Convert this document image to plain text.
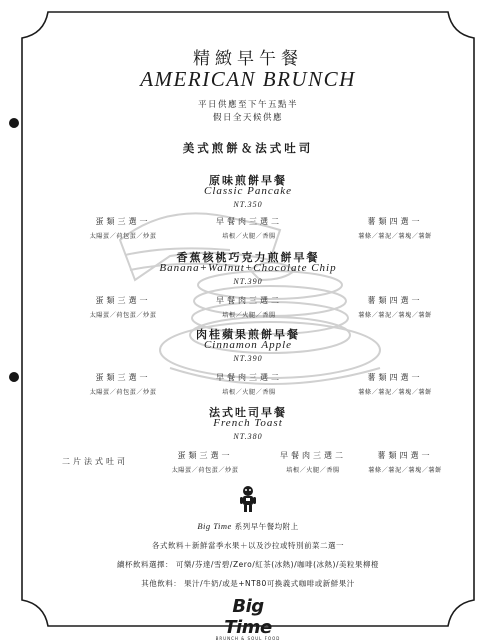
精緻早午餐
AMERICAN BRUNCH
平日供應至下午五點半
假日全天候供應
美式煎餅＆法式吐司
原味煎餅早餐
Classic Pancake
NT.350
蛋類三選一
太陽蛋／荷包蛋／炒蛋
早餐肉三選二
培根／火腿／香腸
薯類四選一
薯條／薯泥／薯塊／薯餅
香蕉核桃巧克力煎餅早餐
Banana+Walnut+Chocolate Chip
NT.390
蛋類三選一
太陽蛋／荷包蛋／炒蛋
早餐肉三選二
培根／火腿／香腸
薯類四選一
薯條／薯泥／薯塊／薯餅
肉桂蘋果煎餅早餐
Cinnamon Apple
NT.390
蛋類三選一
太陽蛋／荷包蛋／炒蛋
早餐肉三選二
培根／火腿／香腸
薯類四選一
薯條／薯泥／薯塊／薯餅
法式吐司早餐
French Toast
NT.380
二片法式吐司
蛋類三選一
太陽蛋／荷包蛋／炒蛋
早餐肉三選二
培根／火腿／香腸
薯類四選一
薯條／薯泥／薯塊／薯餅
Big Time 系列早午餐均附上
各式飲料＋新鮮當季水果＋以及沙拉或特別前菜二選一
續杯飲料選擇： 可樂/芬達/雪碧/Zero/紅茶(冰熱)/咖啡(冰熱)/美粒果柳橙
其他飲料： 果汁/牛奶/或是+NT80可換義式咖啡或新鮮果汁
Big Time
BRUNCH & SOUL FOOD
